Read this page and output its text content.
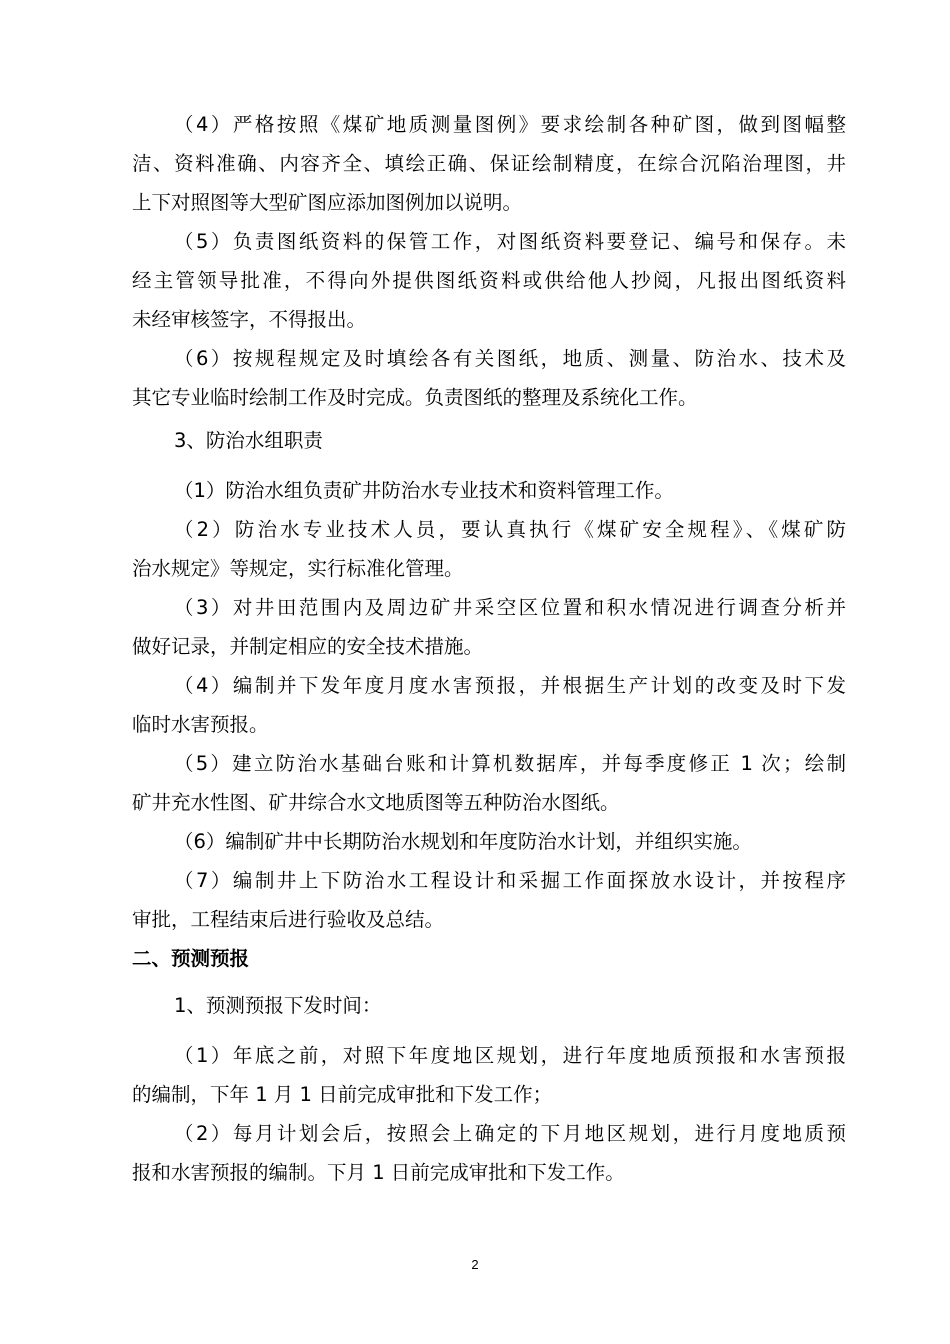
（4）严格按照《煤矿地质测量图例》要求绘制各种矿图，做到图幅整
洁、资料准确、内容齐全、填绘正确、保证绘制精度，在综合沉陷治理图，井
上下对照图等大型矿图应添加图例加以说明。
（5）负责图纸资料的保管工作，对图纸资料要登记、编号和保存。未
经主管领导批准，不得向外提供图纸资料或供给他人抄阅，凡报出图纸资料
未经审核签字，不得报出。
（6）按规程规定及时填绘各有关图纸，地质、测量、防治水、技术及
其它专业临时绘制工作及时完成。负责图纸的整理及系统化工作。
3、防治水组职责
（1）防治水组负责矿井防治水专业技术和资料管理工作。
（2）防治水专业技术人员，要认真执行《煤矿安全规程》、《煤矿防
治水规定》等规定，实行标准化管理。
（3）对井田范围内及周边矿井采空区位置和积水情况进行调查分析并
做好记录，并制定相应的安全技术措施。
（4）编制并下发年度月度水害预报，并根据生产计划的改变及时下发
临时水害预报。
（5）建立防治水基础台账和计算机数据库，并每季度修正 1 次；绘制
矿井充水性图、矿井综合水文地质图等五种防治水图纸。
（6）编制矿井中长期防治水规划和年度防治水计划，并组织实施。
（7）编制井上下防治水工程设计和采掘工作面探放水设计，并按程序
审批，工程结束后进行验收及总结。
二、预测预报
1、预测预报下发时间：
（1）年底之前，对照下年度地区规划，进行年度地质预报和水害预报
的编制，下年 1 月 1 日前完成审批和下发工作；
（2）每月计划会后，按照会上确定的下月地区规划，进行月度地质预
报和水害预报的编制。下月 1 日前完成审批和下发工作。
2
